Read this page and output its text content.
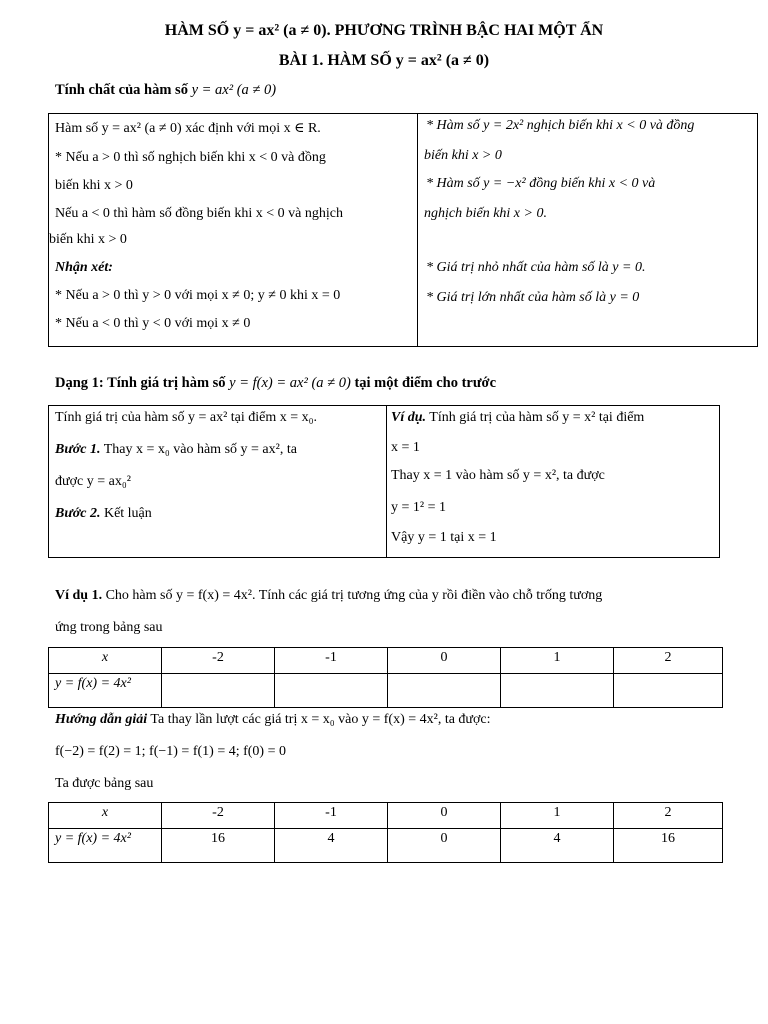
HÀM SỐ y = ax² (a ≠ 0). PHƯƠNG TRÌNH BẬC HAI MỘT ẨN
BÀI 1. HÀM SỐ y = ax² (a ≠ 0)
Tính chất của hàm số y = ax² (a ≠ 0)
Hàm số y = ax² (a ≠ 0) xác định với mọi x ∈ R.
* Nếu a > 0 thì số nghịch biến khi x < 0 và đồng
biến khi x > 0
Nếu a < 0 thì hàm số đồng biến khi x < 0 và nghịch
biến khi x > 0
Nhận xét:
* Nếu a > 0 thì y > 0 với mọi x ≠ 0; y ≠ 0 khi x = 0
* Nếu a < 0 thì y < 0 với mọi x ≠ 0

* Hàm số y = 2x² nghịch biến khi x < 0 và đồng
biến khi x > 0
* Hàm số y = −x² đồng biến khi x < 0 và
nghịch biến khi x > 0.
* Giá trị nhỏ nhất của hàm số là y = 0.
* Giá trị lớn nhất của hàm số là y = 0
Dạng 1: Tính giá trị hàm số y = f(x) = ax² (a ≠ 0) tại một điểm cho trước
Tính giá trị của hàm số y = ax² tại điểm x = x₀.
Bước 1. Thay x = x₀ vào hàm số y = ax², ta
được y = ax₀²
Bước 2. Kết luận

Ví dụ. Tính giá trị của hàm số y = x² tại điểm
x = 1
Thay x = 1 vào hàm số y = x², ta được
y = 1² = 1
Vậy y = 1 tại x = 1
Ví dụ 1. Cho hàm số y = f(x) = 4x². Tính các giá trị tương ứng của y rồi điền vào chỗ trống tương
ứng trong bảng sau
x	-2	-1	0	1	2
y = f(x) = 4x²					
Hướng dẫn giải Ta thay lần lượt các giá trị x = x₀ vào y = f(x) = 4x², ta được:
f(−2) = f(2) = 1; f(−1) = f(1) = 4; f(0) = 0
Ta được bảng sau
x	-2	-1	0	1	2
y = f(x) = 4x²	16	4	0	4	16
